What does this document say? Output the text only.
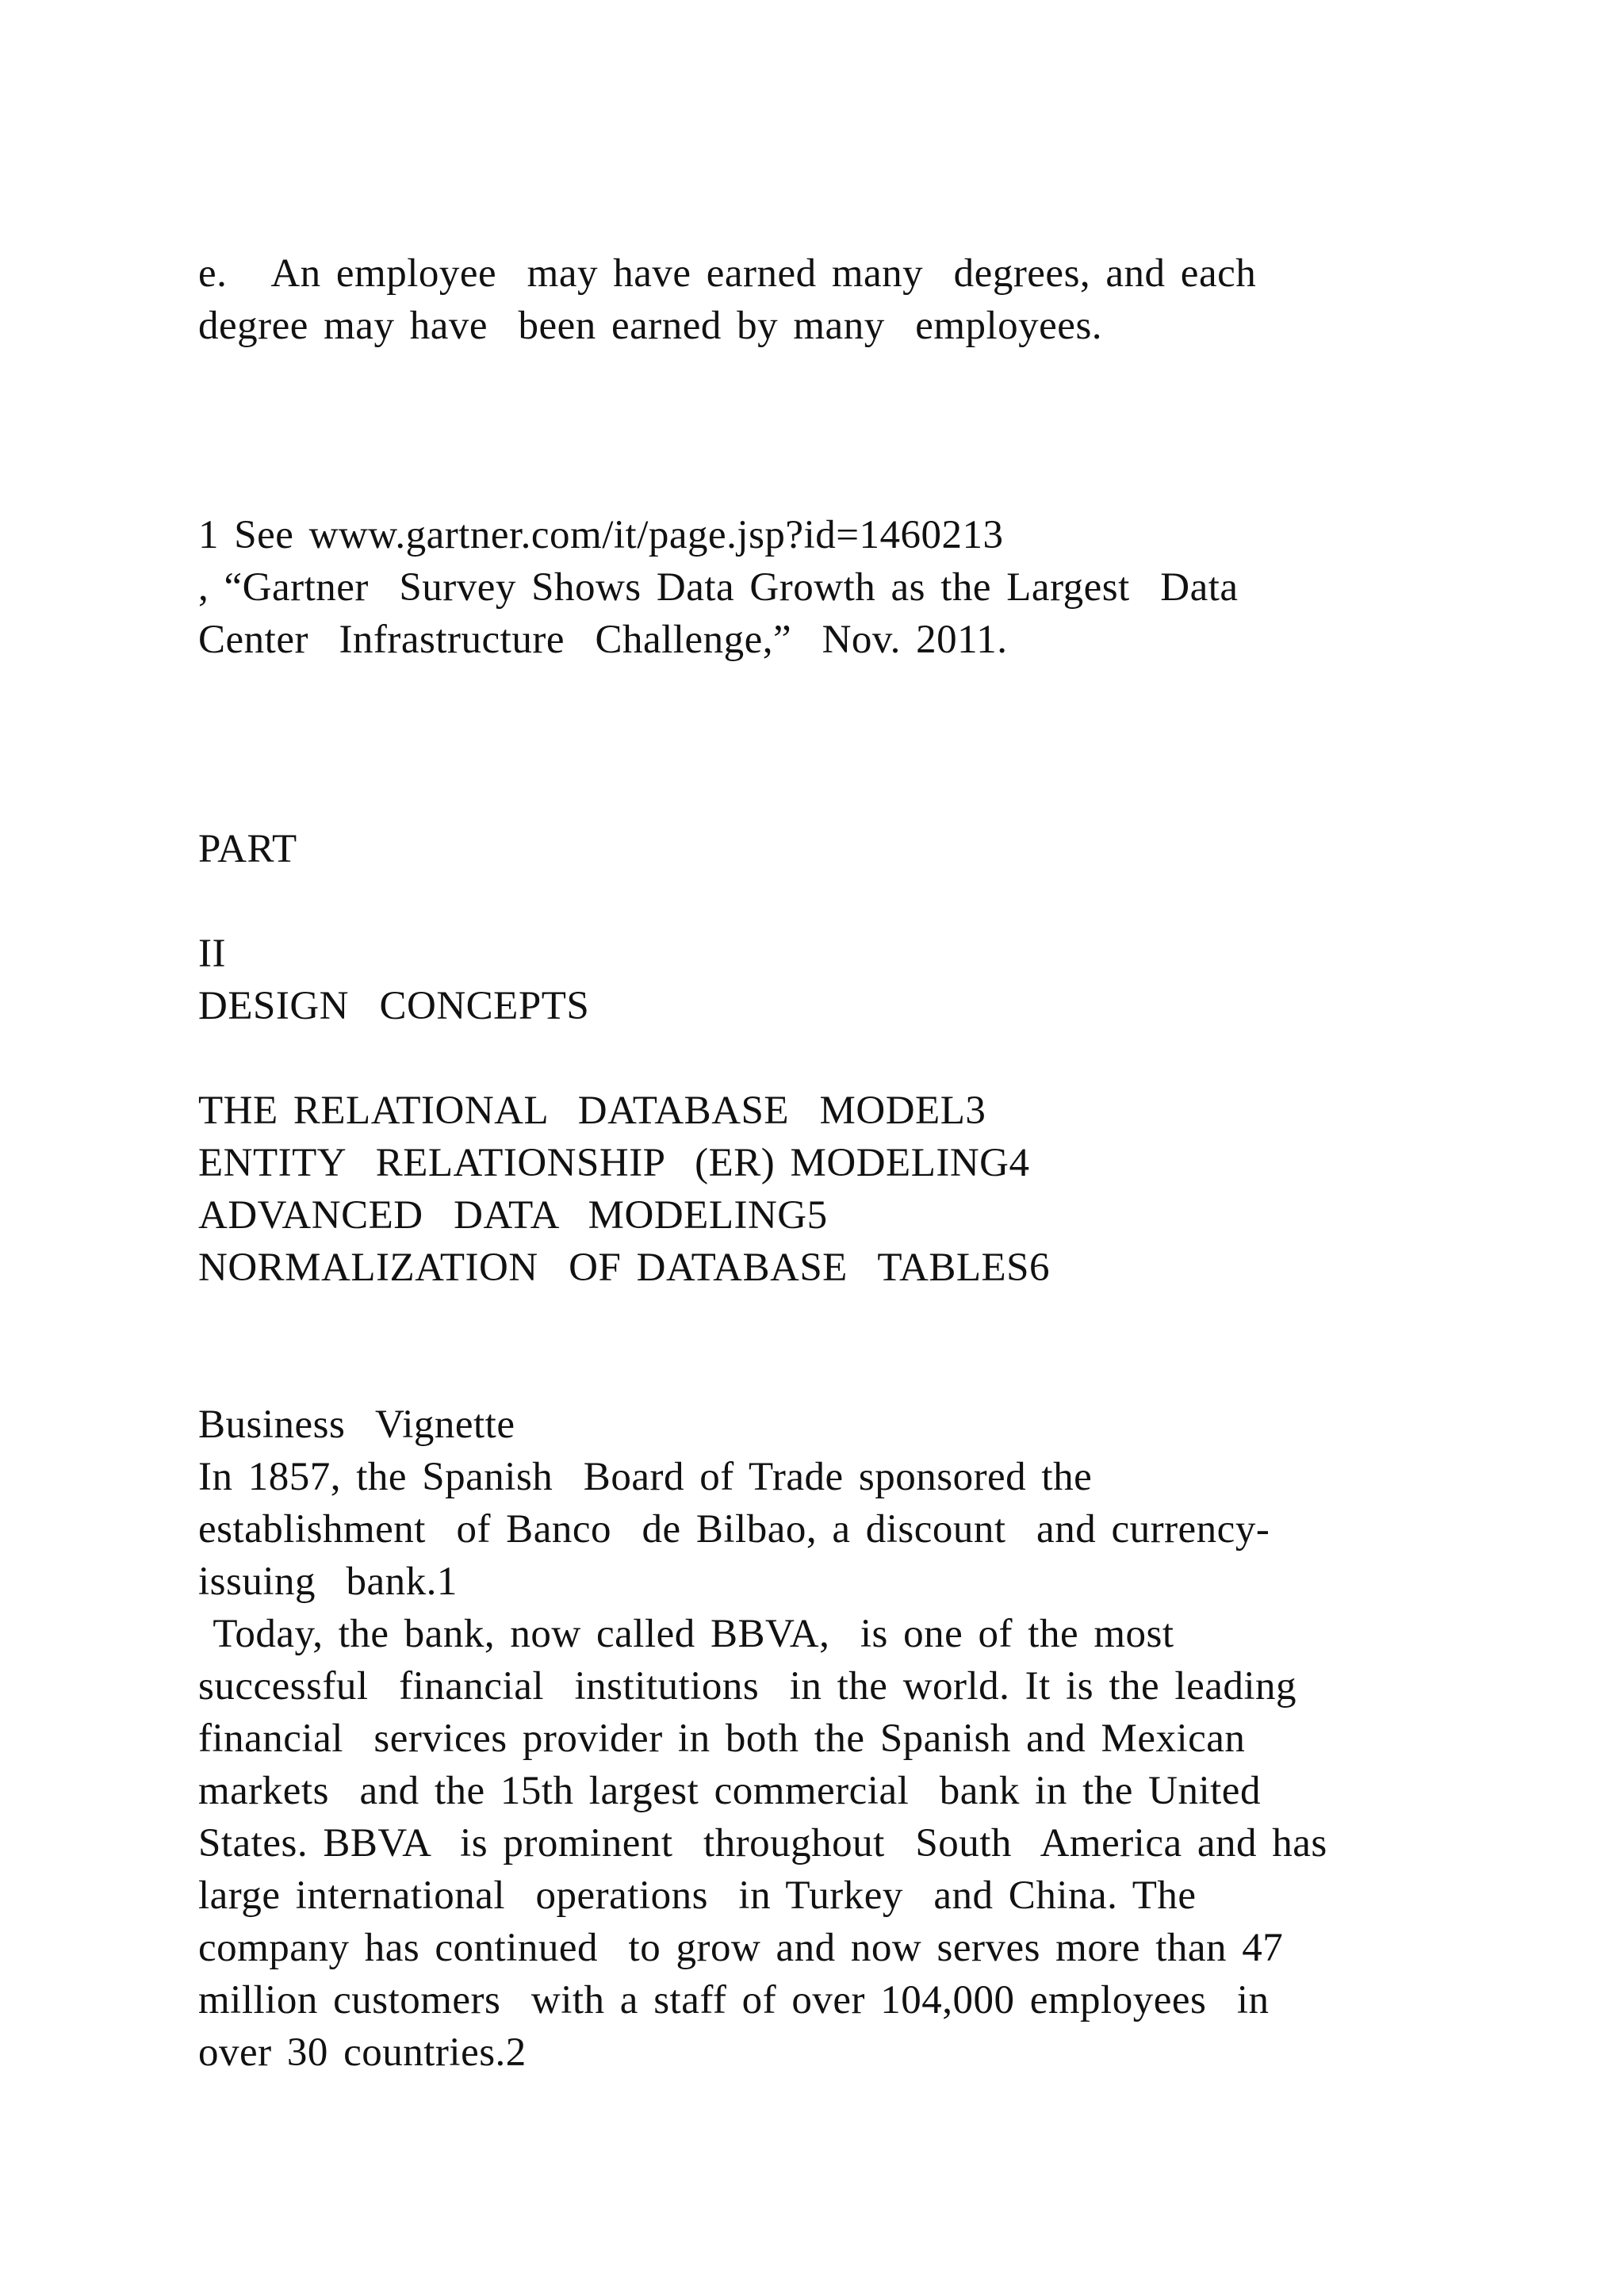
e.   An employee  may have earned many  degrees, and each

degree may have  been earned by many  employees.

1 See www.gartner.com/it/page.jsp?id=1460213

, “Gartner  Survey Shows Data Growth as the Largest  Data

Center  Infrastructure  Challenge,”  Nov. 2011.

PART

II

DESIGN  CONCEPTS

THE RELATIONAL  DATABASE  MODEL3

ENTITY  RELATIONSHIP  (ER) MODELING4

ADVANCED  DATA  MODELING5

NORMALIZATION  OF DATABASE  TABLES6

Business  Vignette

In 1857, the Spanish  Board of Trade sponsored the

establishment  of Banco  de Bilbao, a discount  and currency-

issuing  bank.1

Today, the bank, now called BBVA,  is one of the most

successful  financial  institutions  in the world. It is the leading

financial  services provider in both the Spanish and Mexican

markets  and the 15th largest commercial  bank in the United

States. BBVA  is prominent  throughout  South  America and has

large international  operations  in Turkey  and China. The

company has continued  to grow and now serves more than 47

million customers  with a staff of over 104,000 employees  in

over 30 countries.2
